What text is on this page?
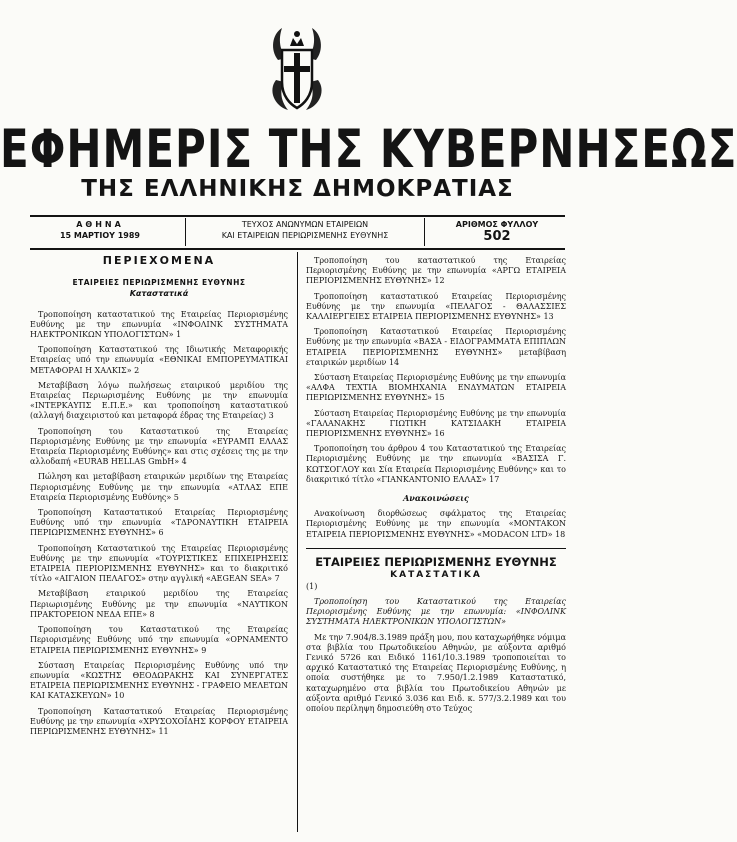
ΕΦΗΜΕΡΙΣ ΤΗΣ ΚΥΒΕΡΝΗΣΕΩΣ
ΤΗΣ ΕΛΛΗΝΙΚΗΣ ΔΗΜΟΚΡΑΤΙΑΣ
ΑΘΗΝΑ
15 ΜΑΡΤΙΟΥ 1989
ΤΕΥΧΟΣ ΑΝΩΝΥΜΩΝ ΕΤΑΙΡΕΙΩΝ
ΚΑΙ ΕΤΑΙΡΕΙΩΝ ΠΕΡΙΩΡΙΣΜΕΝΗΣ ΕΥΘΥΝΗΣ
ΑΡΙΘΜΟΣ ΦΥΛΛΟΥ
502
ΠΕΡΙΕΧΟΜΕΝΑ
ΕΤΑΙΡΕΙΕΣ ΠΕΡΙΩΡΙΣΜΕΝΗΣ ΕΥΘΥΝΗΣ
Καταστατικά

Τροποποίηση καταστατικού της Εταιρείας Περιορισμένης Ευθύνης με την επωνυμία «ΙΝΦΟΛΙΝΚ ΣΥΣΤΗΜΑΤΑ ΗΛΕΚΤΡΟΝΙΚΩΝ ΥΠΟΛΟΓΙΣΤΩΝ» 1

Τροποποίηση Καταστατικού της Ιδιωτικής Μεταφορικής Εταιρείας υπό την επωνυμία «ΕΘΝΙΚΑΙ ΕΜΠΟΡΕΥΜΑΤΙΚΑΙ ΜΕΤΑΦΟΡΑΙ Η ΧΑΛΚΙΣ» 2

Μεταβίβαση λόγω πωλήσεως εταιρικού μεριδίου της Εταιρείας Περιωρισμένης Ευθύνης με την επωνυμία «ΙΝΤΕΡΚΑΥΠΣ Ε.Π.Ε.» και τροποποίηση καταστατικού (αλλαγή διαχειριστού και μεταφορά έδρας της Εταιρείας) 3

Τροποποίηση του Καταστατικού της Εταιρείας Περιορισμένης Ευθύνης με την επωνυμία «ΕΥΡΑΜΠ ΕΛΛΑΣ Εταιρεία Περιορισμένης Ευθύνης» και στις σχέσεις της με την αλλοδαπή «EURAB HELLAS GmbH» 4

Πώληση και μεταβίβαση εταιρικών μεριδίων της Εταιρείας Περιορισμένης Ευθύνης με την επωνυμία «ΑΤΛΑΣ ΕΠΕ Εταιρεία Περιορισμένης Ευθύνης» 5

Τροποποίηση Καταστατικού Εταιρείας Περιορισμένης Ευθύνης υπό την επωνυμία «ΤΔΡΟΝΑΥΤΙΚΗ ΕΤΑΙΡΕΙΑ ΠΕΡΙΩΡΙΣΜΕΝΗΣ ΕΥΘΥΝΗΣ» 6

Τροποποίηση Καταστατικού της Εταιρείας Περιορισμένης Ευθύνης με την επωνυμία «ΤΟΥΡΙΣΤΙΚΕΣ ΕΠΙΧΕΙΡΗΣΕΙΣ ΕΤΑΙΡΕΙΑ ΠΕΡΙΟΡΙΣΜΕΝΗΣ ΕΥΘΥΝΗΣ» και το διακριτικό τίτλο «ΑΙΓΑΙΟΝ ΠΕΛΑΓΟΣ» στην αγγλική «AEGEAN SEA» 7

Μεταβίβαση εταιρικού μεριδίου της Εταιρείας Περιωρισμένης Ευθύνης με την επωνυμία «ΝΑΥΤΙΚΟΝ ΠΡΑΚΤΟΡΕΙΟΝ ΝΕΔΑ ΕΠΕ» 8

Τροποποίηση του Καταστατικού της Εταιρείας Περιορισμένης Ευθύνης υπό την επωνυμία «ΟΡΝΑΜΕΝΤΟ ΕΤΑΙΡΕΙΑ ΠΕΡΙΩΡΙΣΜΕΝΗΣ ΕΥΘΥΝΗΣ» 9

Σύσταση Εταιρείας Περιορισμένης Ευθύνης υπό την επωνυμία «ΚΩΣΤΗΣ ΘΕΟΔΩΡΑΚΗΣ ΚΑΙ ΣΥΝΕΡΓΑΤΕΣ ΕΤΑΙΡΕΙΑ ΠΕΡΙΩΡΙΣΜΕΝΗΣ ΕΥΘΥΝΗΣ - ΓΡΑΦΕΙΟ ΜΕΛΕΤΩΝ ΚΑΙ ΚΑΤΑΣΚΕΥΩΝ» 10

Τροποποίηση Καταστατικού Εταιρείας Περιορισμένης Ευθύνης με την επωνυμία «ΧΡΥΣΟΧΟΪΔΗΣ ΚΟΡΦΟΥ ΕΤΑΙΡΕΙΑ ΠΕΡΙΩΡΙΣΜΕΝΗΣ ΕΥΘΥΝΗΣ» 11

Τροποποίηση του καταστατικού της Εταιρείας Περιορισμένης Ευθύνης με την επωνυμία «ΑΡΓΩ ΕΤΑΙΡΕΙΑ ΠΕΡΙΟΡΙΣΜΕΝΗΣ ΕΥΘΥΝΗΣ» 12

Τροποποίηση καταστατικού Εταιρείας Περιορισμένης Ευθύνης με την επωνυμία «ΠΕΛΑΓΟΣ - ΘΑΛΑΣΣΙΕΣ ΚΑΛΛΙΕΡΓΕΙΕΣ ΕΤΑΙΡΕΙΑ ΠΕΡΙΟΡΙΣΜΕΝΗΣ ΕΥΘΥΝΗΣ» 13

Τροποποίηση Καταστατικού Εταιρείας Περιορισμένης Ευθύνης με την επωνυμία «ΒΑΣΑ - ΕΙΔΟΓΡΑΜΜΑΤΑ ΕΠΙΠΛΩΝ ΕΤΑΙΡΕΙΑ ΠΕΡΙΟΡΙΣΜΕΝΗΣ ΕΥΘΥΝΗΣ» μεταβίβαση εταιρικών μεριδίων 14

Σύσταση Εταιρείας Περιορισμένης Ευθύνης με την επωνυμία «ΑΛΦΑ ΤΕΧΤΙΑ ΒΙΟΜΗΧΑΝΙΑ ΕΝΔΥΜΑΤΩΝ ΕΤΑΙΡΕΙΑ ΠΕΡΙΩΡΙΣΜΕΝΗΣ ΕΥΘΥΝΗΣ» 15

Σύσταση Εταιρείας Περιορισμένης Ευθύνης με την επωνυμία «ΓΑΛΑΝΑΚΗΣ ΓΙΩΤΙΚΗ ΚΑΤΣΙΔΑΚΗ ΕΤΑΙΡΕΙΑ ΠΕΡΙΟΡΙΣΜΕΝΗΣ ΕΥΘΥΝΗΣ» 16

Τροποποίηση του άρθρου 4 του Καταστατικού της Εταιρείας Περιορισμένης Ευθύνης με την επωνυμία «ΒΑΣΙΣΑ Γ. ΚΩΤΣΟΓΛΟΥ και Σία Εταιρεία Περιορισμένης Ευθύνης» και το διακριτικό τίτλο «ΓΙΑΝΚΑΝΤΟΝΙΟ ΕΛΛΑΣ» 17

Ανακοινώσεις

Ανακοίνωση διορθώσεως σφάλματος της Εταιρείας Περιορισμένης Ευθύνης με την επωνυμία «ΜΟΝΤΑΚΟΝ ΕΤΑΙΡΕΙΑ ΠΕΡΙΟΡΙΣΜΕΝΗΣ ΕΥΘΥΝΗΣ» «MODACON LTD» 18

ΕΤΑΙΡΕΙΕΣ ΠΕΡΙΩΡΙΣΜΕΝΗΣ ΕΥΘΥΝΗΣ
ΚΑΤΑΣΤΑΤΙΚΑ

(1)

Τροποποίηση του Καταστατικού της Εταιρείας Περιορισμένης Ευθύνης με την επωνυμία: «ΙΝΦΟΛΙΝΚ ΣΥΣΤΗΜΑΤΑ ΗΛΕΚΤΡΟΝΙΚΩΝ ΥΠΟΛΟΓΙΣΤΩΝ»

Με την 7.904/8.3.1989 πράξη μου, που καταχωρήθηκε νόμιμα στα βιβλία του Πρωτοδικείου Αθηνών, με αύξοντα αριθμό Γενικό 5726 και Ειδικό 1161/10.3.1989 τροποποιείται το αρχικό Καταστατικό της Εταιρείας Περιορισμένης Ευθύνης, η οποία συστήθηκε με το 7.950/1.2.1989 Καταστατικό, καταχωρημένο στα βιβλία του Πρωτοδικείου Αθηνών με αύξοντα αριθμό Γενικό 3.036 και Ειδ. κ. 577/3.2.1989 και του οποίου περίληψη δημοσιεύθη στο Τεύχος
